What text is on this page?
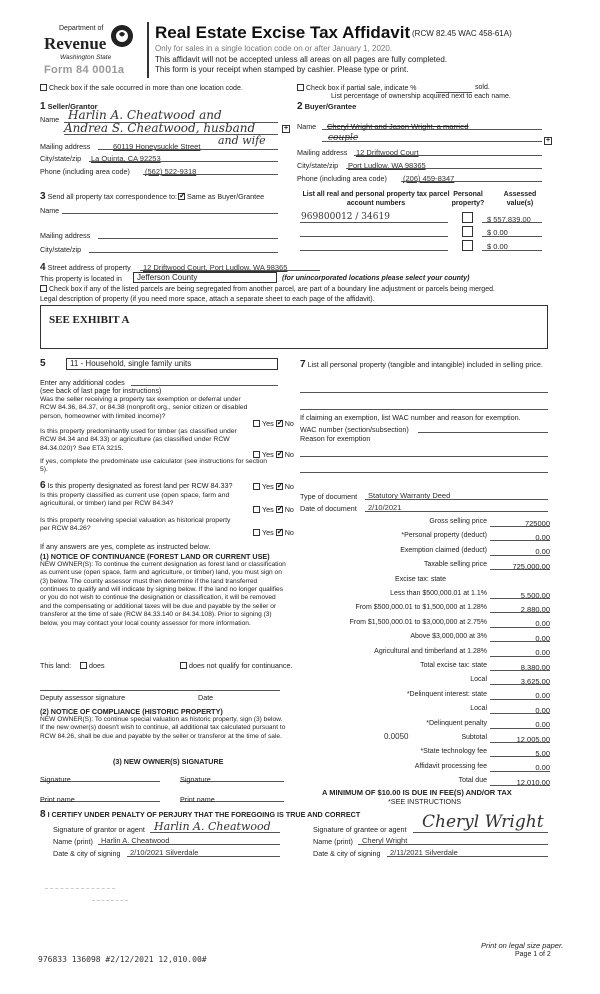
Department of
Revenue
Washington State
Form 84 0001a
Real Estate Excise Tax Affidavit (RCW 82.45 WAC 458-61A)
Only for sales in a single location code on or after January 1, 2020.
This affidavit will not be accepted unless all areas on all pages are fully completed.
This form is your receipt when stamped by cashier. Please type or print.
Check box if the sale occurred in more than one location code.	Check box if partial sale, indicate %	sold.
List percentage of ownership acquired next to each name.
1 Seller/Grantor
Name Harlin A. Cheatwood and
Andrea S. Cheatwood, husband	+
and wife
Mailing address	60119 Honeysuckle Street
City/state/zip La Quinta, CA 92253
Phone (including area code) (562) 522-9318
2 Buyer/Grantee
Name Cheryl Wright and Jason Wright, a married
couple	+
Mailing address 12 Driftwood Court
City/state/zip Port Ludlow, WA 98365
Phone (including area code) (206) 459-8347
3 Send all property tax correspondence to: ✓ Same as Buyer/Grantee
Name
Mailing address
City/state/zip
List all real and personal property tax parcel account numbers
Personal property?
Assessed value(s)
969800012 / 34619	$ 557,839.00
$ 0.00
$ 0.00
4 Street address of property 12 Driftwood Court, Port Ludlow, WA 98365
This property is located in	Jefferson County	(for unincorporated locations please select your county)
Check box if any of the listed parcels are being segregated from another parcel, are part of a boundary line adjustment or parcels being merged.
Legal description of property (if you need more space, attach a separate sheet to each page of the affidavit).
SEE EXHIBIT A
5	11 - Household, single family units
Enter any additional codes
(see back of last page for instructions)
Was the seller receiving a property tax exemption or deferral under RCW 84.36, 84.37, or 84.38 (nonprofit org., senior citizen or disabled person, homeowner with limited income)?
Yes ✓ No
Is this property predominantly used for timber (as classified under RCW 84.34 and 84.33) or agriculture (as classified under RCW 84.34.020)? See ETA 3215.
Yes ✓ No
If yes, complete the predominate use calculator (see instructions for section 5).
6 Is this property designated as forest land per RCW 84.33?	Yes ✓ No
Is this property classified as current use (open space, farm and agricultural, or timber) land per RCW 84.34?
Yes ✓ No
Is this property receiving special valuation as historical property per RCW 84.26?	Yes ✓ No
If any answers are yes, complete as instructed below.
(1) NOTICE OF CONTINUANCE (FOREST LAND OR CURRENT USE)
NEW OWNER(S): To continue the current designation as forest land or classification as current use (open space, farm and agriculture, or timber) land, you must sign on (3) below. The county assessor must then determine if the land transferred continues to qualify and will indicate by signing below. If the land no longer qualifies or you do not wish to continue the designation or classification, it will be removed and the compensating or additional taxes will be due and payable by the seller or transferor at the time of sale (RCW 84.33.140 or 84.34.108). Prior to signing (3) below, you may contact your local county assessor for more information.
This land:	does	does not qualify for continuance.
Deputy assessor signature	Date
(2) NOTICE OF COMPLIANCE (HISTORIC PROPERTY)
NEW OWNER(S): To continue special valuation as historic property, sign (3) below. If the new owner(s) doesn't wish to continue, all additional tax calculated pursuant to RCW 84.26, shall be due and payable by the seller or transferor at the time of sale.
(3) NEW OWNER(S) SIGNATURE
Signature	Signature
Print name	Print name
7 List all personal property (tangible and intangible) included in selling price.
If claiming an exemption, list WAC number and reason for exemption.
WAC number (section/subsection)
Reason for exemption
Type of document Statutory Warranty Deed
Date of document 2/10/2021
Gross selling price	725000
*Personal property (deduct)	0.00
Exemption claimed (deduct)	0.00
Taxable selling price	725,000.00
Excise tax: state
Less than $500,000.01 at 1.1%	5,500.00
From $500,000.01 to $1,500,000 at 1.28%	2,880.00
From $1,500,000.01 to $3,000,000 at 2.75%	0.00
Above $3,000,000 at 3%	0.00
Agricultural and timberland at 1.28%	0.00
Total excise tax: state	8,380.00
Local	3,625.00
*Delinquent interest: state	0.00
Local	0.00
*Delinquent penalty	0.00
Subtotal	12,005.00
*State technology fee	5.00
Affidavit processing fee	0.00
Total due	12,010.00
0.0050
A MINIMUM OF $10.00 IS DUE IN FEE(S) AND/OR TAX
*SEE INSTRUCTIONS
8 I CERTIFY UNDER PENALTY OF PERJURY THAT THE FOREGOING IS TRUE AND CORRECT
Signature of grantor or agent Harlin A. Cheatwood
Name (print) Harlin A. Cheatwood
Date & city of signing 2/10/2021 Silverdale
Signature of grantee or agent Cheryl Wright
Name (print) Cheryl Wright
Date & city of signing 2/11/2021 Silverdale
976833 136098 #2/12/2021 12,010.00#
Print on legal size paper.
Page 1 of 2
